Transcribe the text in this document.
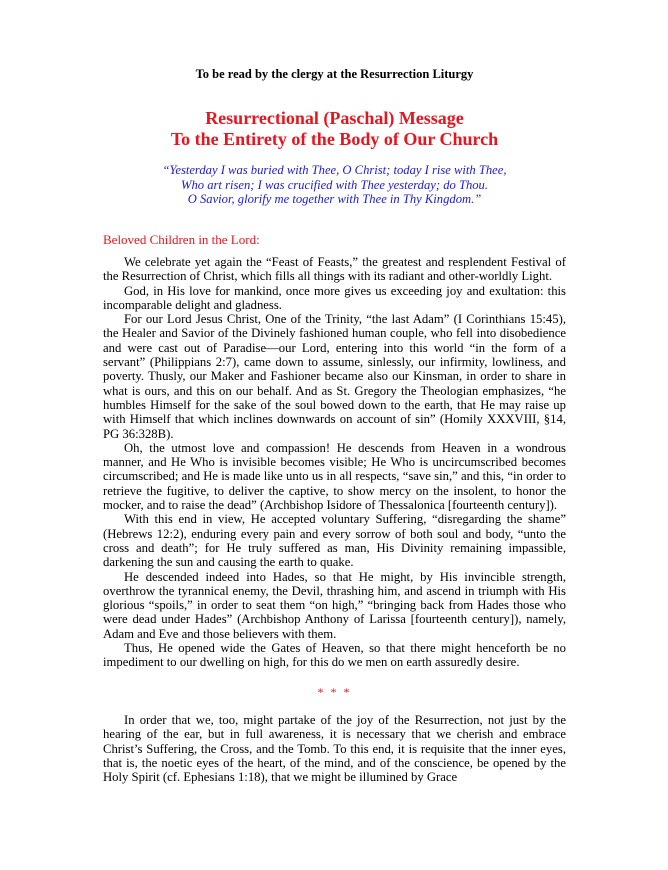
To be read by the clergy at the Resurrection Liturgy
Resurrectional (Paschal) Message
To the Entirety of the Body of Our Church
“Yesterday I was buried with Thee, O Christ; today I rise with Thee,
Who art risen; I was crucified with Thee yesterday; do Thou.
O Savior, glorify me together with Thee in Thy Kingdom.”
Beloved Children in the Lord:

We celebrate yet again the “Feast of Feasts,” the greatest and resplendent Festival of the Resurrection of Christ, which fills all things with its radiant and other-worldly Light.

God, in His love for mankind, once more gives us exceeding joy and exultation: this incomparable delight and gladness.

For our Lord Jesus Christ, One of the Trinity, “the last Adam” (I Corinthians 15:45), the Healer and Savior of the Divinely fashioned human couple, who fell into disobedience and were cast out of Paradise—our Lord, entering into this world “in the form of a servant” (Philippians 2:7), came down to assume, sinlessly, our infirmity, lowliness, and poverty. Thusly, our Maker and Fashioner became also our Kinsman, in order to share in what is ours, and this on our behalf. And as St. Gregory the Theologian emphasizes, “he humbles Himself for the sake of the soul bowed down to the earth, that He may raise up with Himself that which inclines downwards on account of sin” (Homily XXXVIII, §14, PG 36:328B).

Oh, the utmost love and compassion! He descends from Heaven in a wondrous manner, and He Who is invisible becomes visible; He Who is uncircumscribed becomes circumscribed; and He is made like unto us in all respects, “save sin,” and this, “in order to retrieve the fugitive, to deliver the captive, to show mercy on the insolent, to honor the mocker, and to raise the dead” (Archbishop Isidore of Thessalonica [fourteenth century]).

With this end in view, He accepted voluntary Suffering, “disregarding the shame” (Hebrews 12:2), enduring every pain and every sorrow of both soul and body, “unto the cross and death”; for He truly suffered as man, His Divinity remaining impassible, darkening the sun and causing the earth to quake.

He descended indeed into Hades, so that He might, by His invincible strength, overthrow the tyrannical enemy, the Devil, thrashing him, and ascend in triumph with His glorious “spoils,” in order to seat them “on high,” “bringing back from Hades those who were dead under Hades” (Archbishop Anthony of Larissa [fourteenth century]), namely, Adam and Eve and those believers with them.

Thus, He opened wide the Gates of Heaven, so that there might henceforth be no impediment to our dwelling on high, for this do we men on earth assuredly desire.

* * *

In order that we, too, might partake of the joy of the Resurrection, not just by the hearing of the ear, but in full awareness, it is necessary that we cherish and embrace Christ’s Suffering, the Cross, and the Tomb. To this end, it is requisite that the inner eyes, that is, the noetic eyes of the heart, of the mind, and of the conscience, be opened by the Holy Spirit (cf. Ephesians 1:18), that we might be illumined by Grace
